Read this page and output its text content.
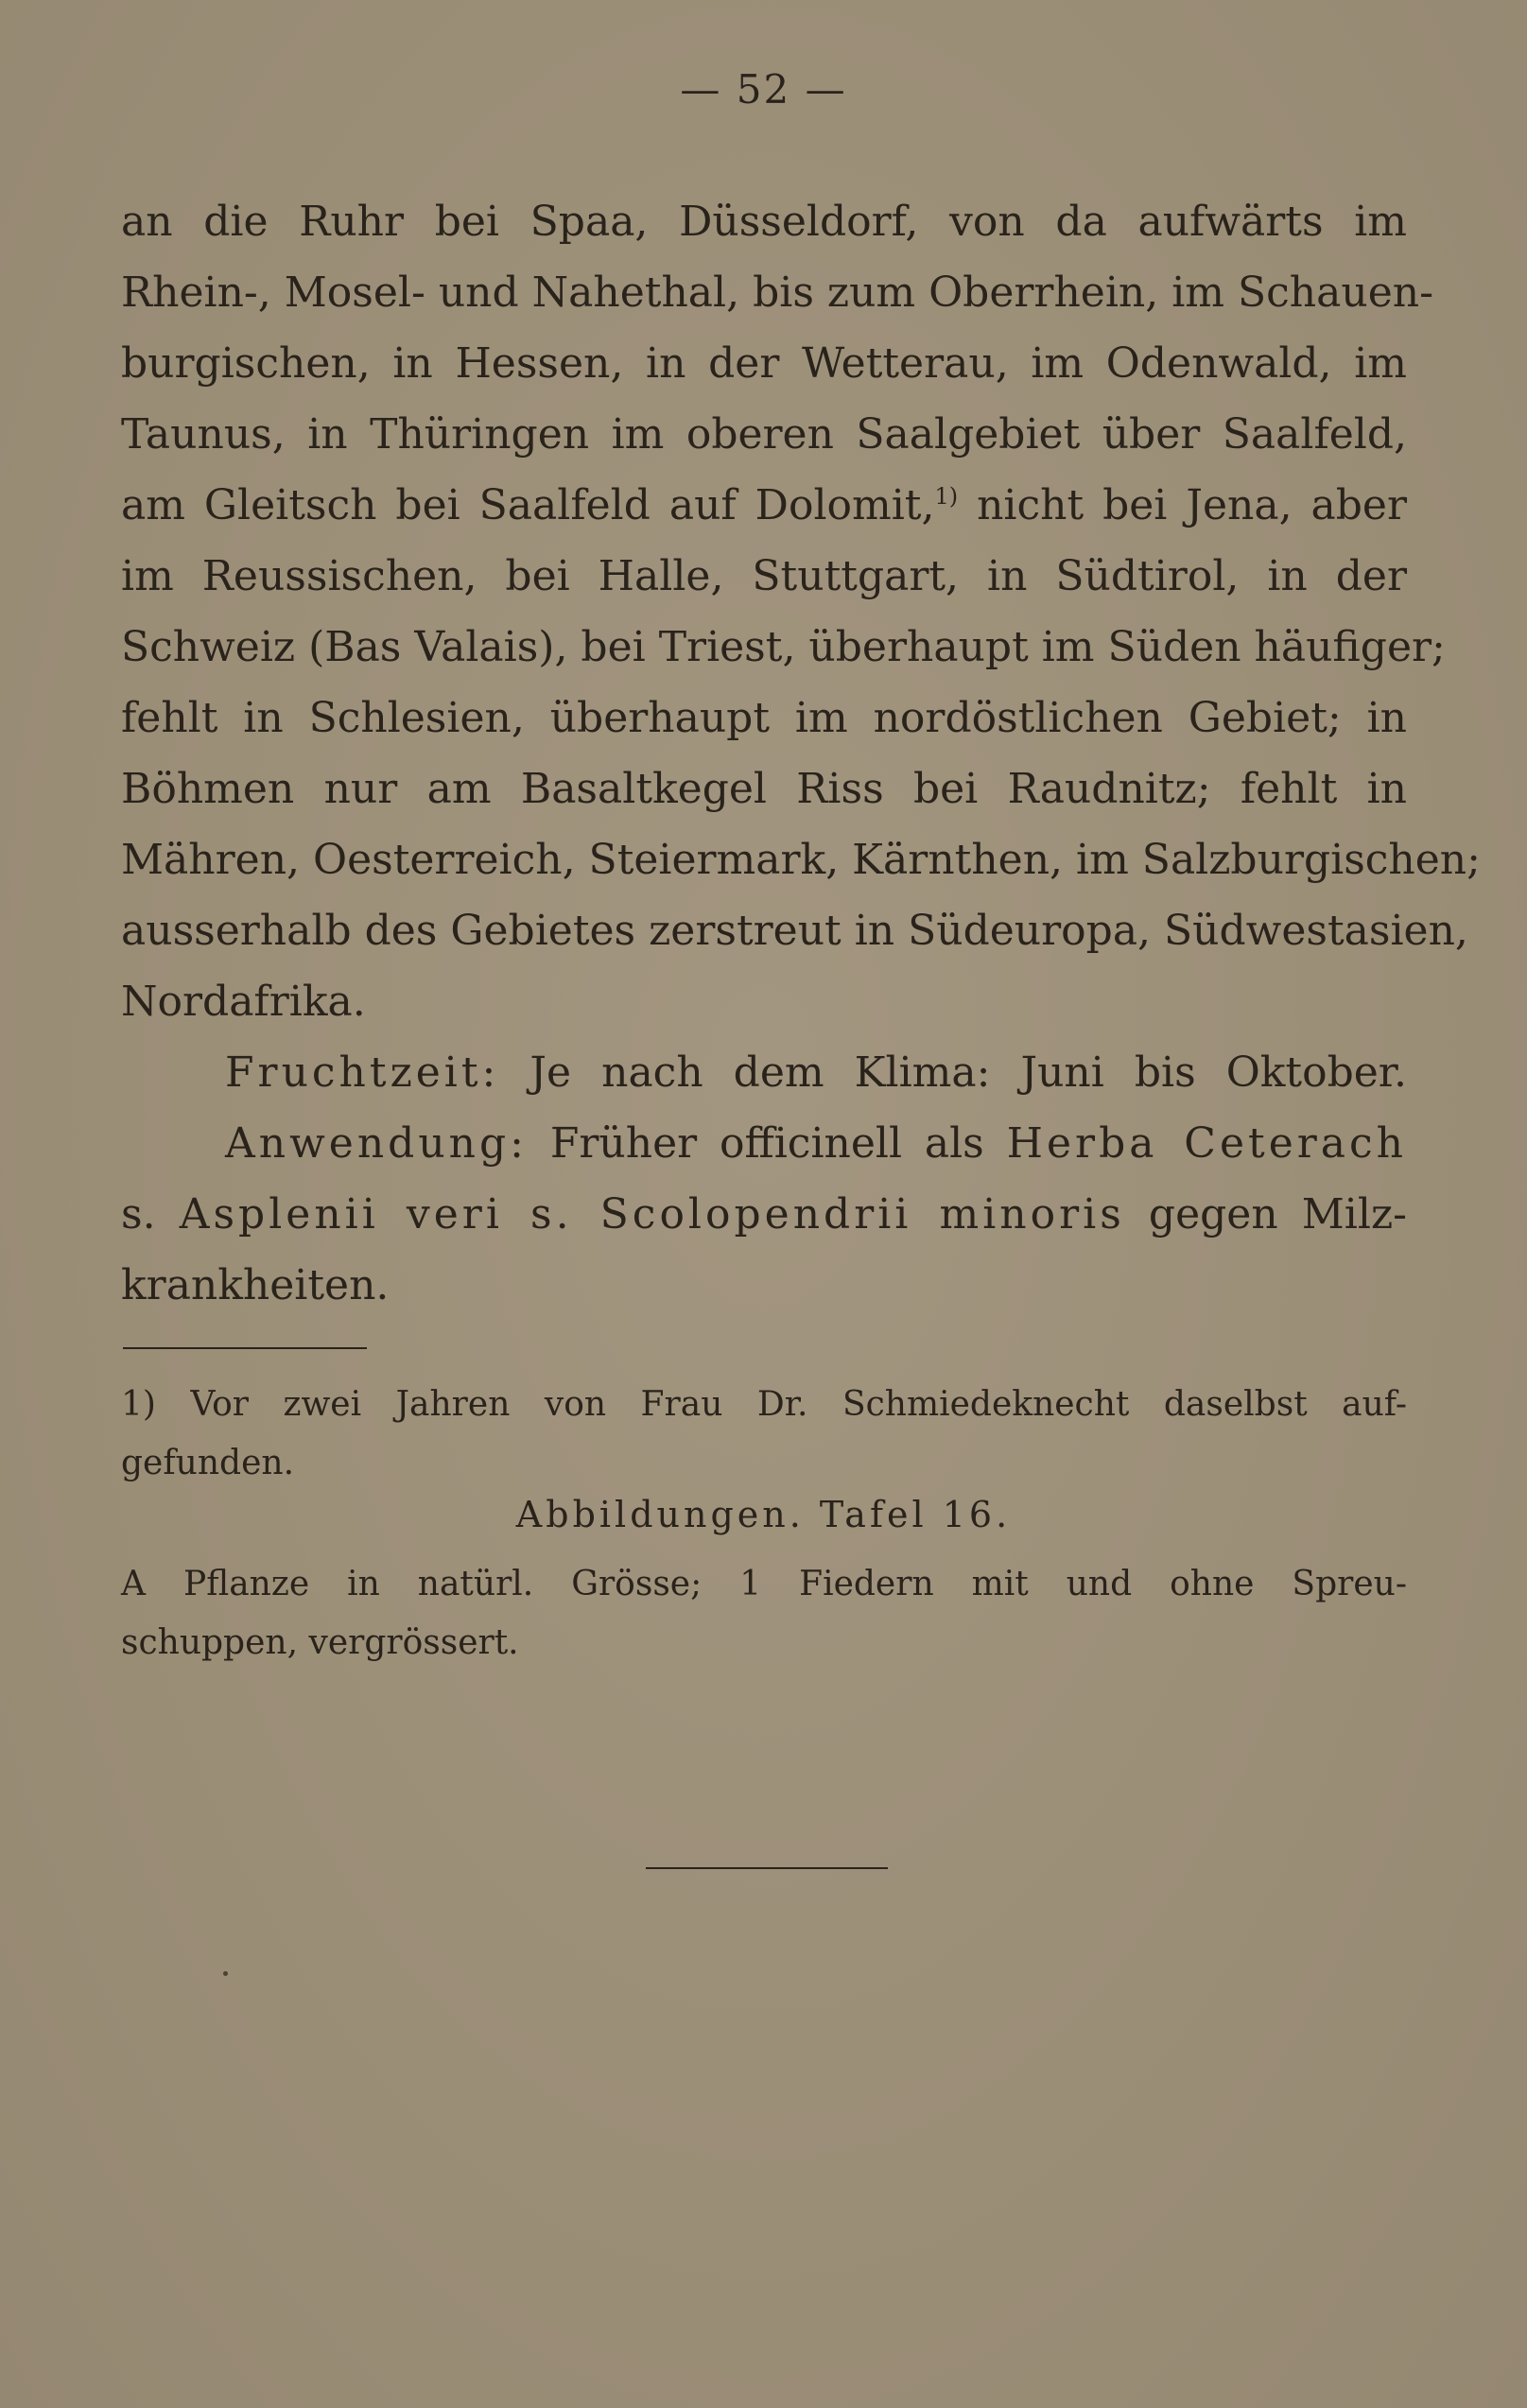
— 52 —
an die Ruhr bei Spaa, Düsseldorf, von da aufwärts im
Rhein-, Mosel- und Nahethal, bis zum Oberrhein, im Schauen-
burgischen, in Hessen, in der Wetterau, im Odenwald, im
Taunus, in Thüringen im oberen Saalgebiet über Saalfeld,
am Gleitsch bei Saalfeld auf Dolomit,$^{1)}$ nicht bei Jena, aber
im Reussischen, bei Halle, Stuttgart, in Südtirol, in der
Schweiz (Bas Valais), bei Triest, überhaupt im Süden häufiger;
fehlt in Schlesien, überhaupt im nordöstlichen Gebiet; in
Böhmen nur am Basaltkegel Riss bei Raudnitz; fehlt in
Mähren, Oesterreich, Steiermark, Kärnthen, im Salzburgischen;
ausserhalb des Gebietes zerstreut in Südeuropa, Südwestasien,
Nordafrika.
Fruchtzeit: Je nach dem Klima: Juni bis Oktober.
Anwendung: Früher officinell als Herba Ceterach
s. Asplenii veri s. Scolopendrii minoris gegen Milz-
krankheiten.
1) Vor zwei Jahren von Frau Dr. Schmiedeknecht daselbst auf-
gefunden.
Abbildungen. Tafel 16.
A Pflanze in natürl. Grösse; 1 Fiedern mit und ohne Spreu-
schuppen, vergrössert.
